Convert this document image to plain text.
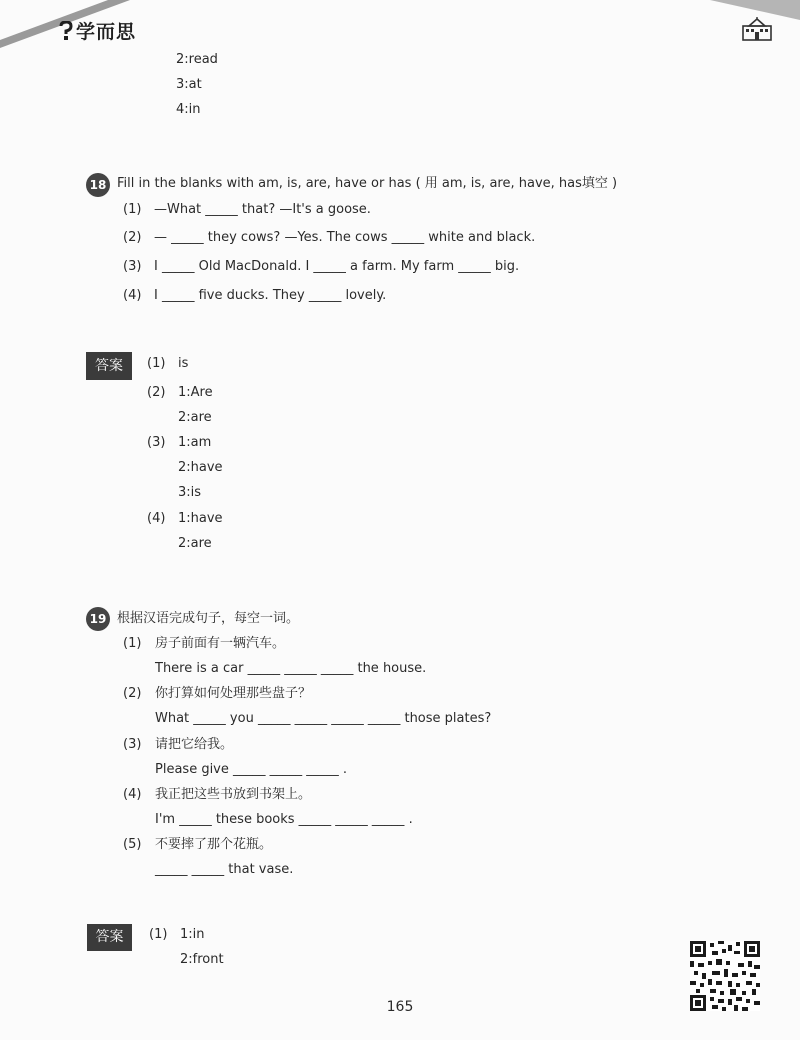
学而思
2:read
3:at
4:in
18 Fill in the blanks with am, is, are, have or has ( 用 am, is, are, have, has填空 )
(1) —What _____ that? —It's a goose.
(2) — _____ they cows? —Yes. The cows _____ white and black.
(3) I _____ Old MacDonald. I _____ a farm. My farm _____ big.
(4) I _____ five ducks. They _____ lovely.
答案	(1) is
(2) 1:Are
2:are
(3) 1:am
2:have
3:is
(4) 1:have
2:are
19 根据汉语完成句子，每空一词。
(1) 房子前面有一辆汽车。
There is a car _____ _____ _____ the house.
(2) 你打算如何处理那些盘子？
What _____ you _____ _____ _____ _____ those plates?
(3) 请把它给我。
Please give _____ _____ _____ .
(4) 我正把这些书放到书架上。
I'm _____ these books _____ _____ _____ .
(5) 不要摔了那个花瓶。
_____ _____ that vase.
答案	(1) 1:in
2:front
165
